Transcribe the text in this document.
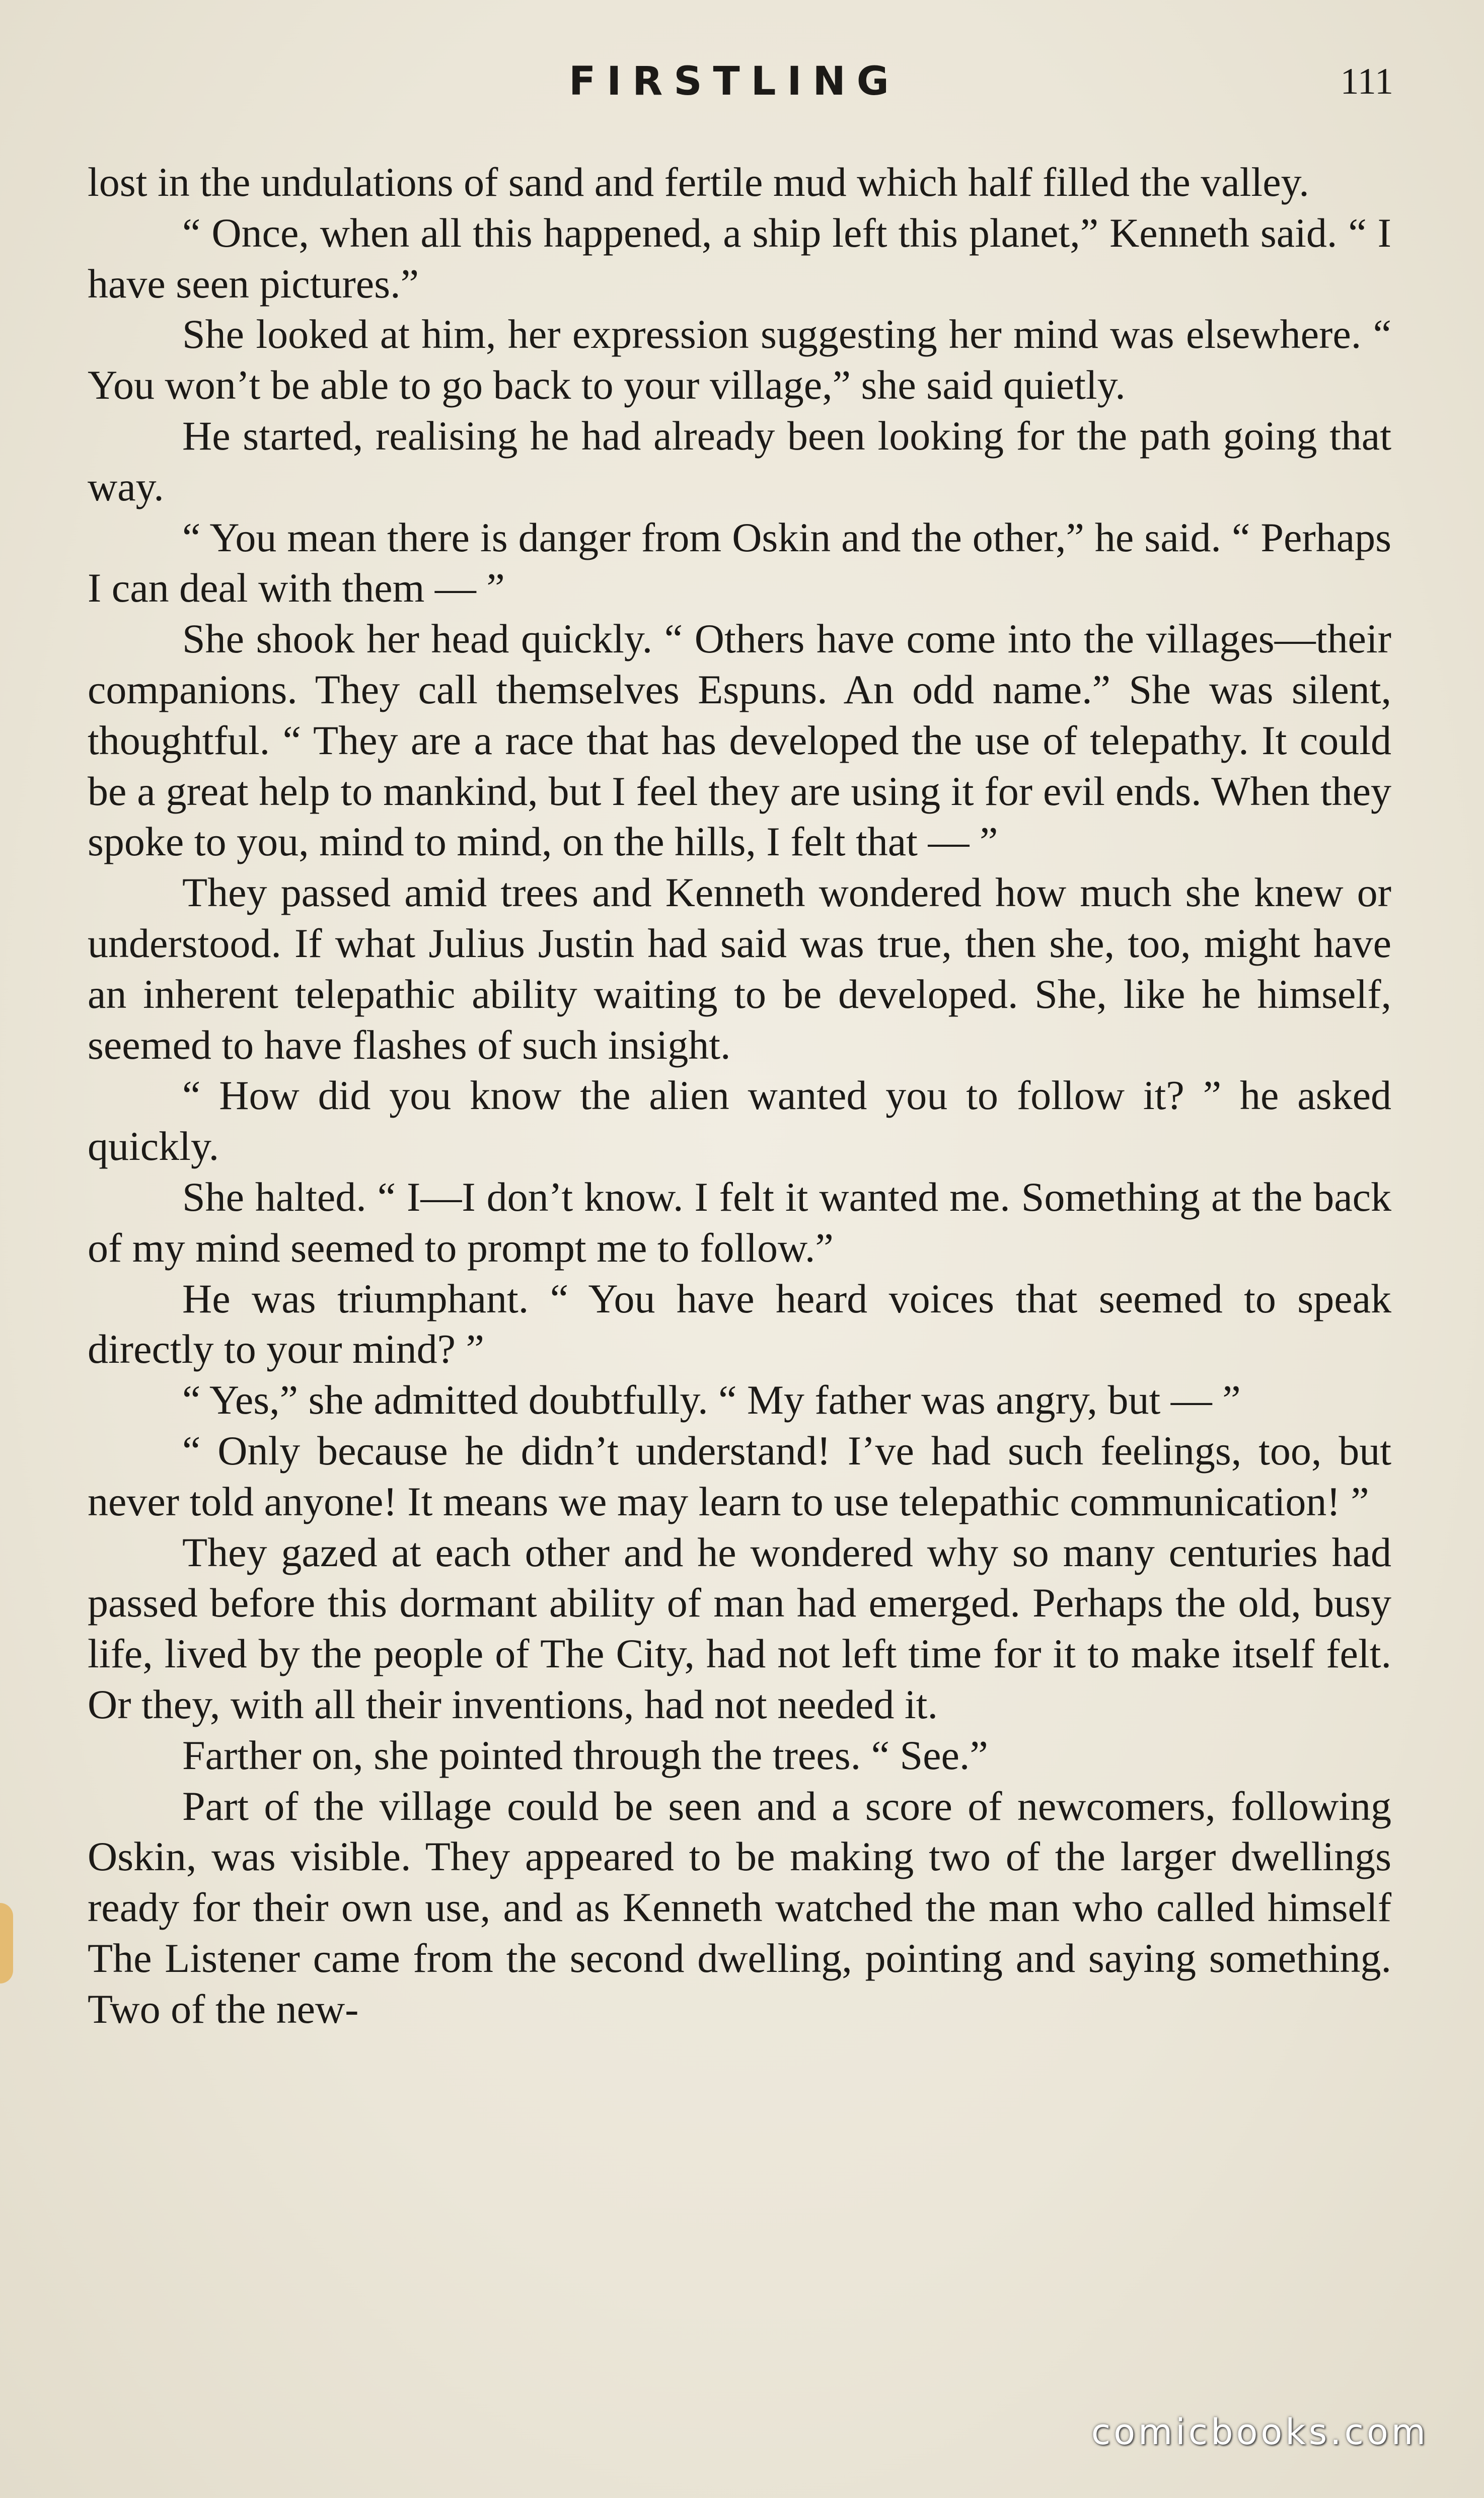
FIRSTLING	111

lost in the undulations of sand and fertile mud which half filled the valley.

“ Once, when all this happened, a ship left this planet,” Kenneth said. “ I have seen pictures.”

She looked at him, her expression suggesting her mind was elsewhere. “ You won’t be able to go back to your village,” she said quietly.

He started, realising he had already been looking for the path going that way.

“ You mean there is danger from Oskin and the other,” he said. “ Perhaps I can deal with them — ”

She shook her head quickly. “ Others have come into the villages—their companions. They call themselves Espuns. An odd name.” She was silent, thoughtful. “ They are a race that has developed the use of telepathy. It could be a great help to mankind, but I feel they are using it for evil ends. When they spoke to you, mind to mind, on the hills, I felt that — ”

They passed amid trees and Kenneth wondered how much she knew or understood. If what Julius Justin had said was true, then she, too, might have an inherent telepathic ability waiting to be developed. She, like he himself, seemed to have flashes of such insight.

“ How did you know the alien wanted you to follow it? ” he asked quickly.

She halted. “ I—I don’t know. I felt it wanted me. Something at the back of my mind seemed to prompt me to follow.”

He was triumphant. “ You have heard voices that seemed to speak directly to your mind? ”

“ Yes,” she admitted doubtfully. “ My father was angry, but — ”

“ Only because he didn’t understand! I’ve had such feelings, too, but never told anyone! It means we may learn to use telepathic communication! ”

They gazed at each other and he wondered why so many centuries had passed before this dormant ability of man had emerged. Perhaps the old, busy life, lived by the people of The City, had not left time for it to make itself felt. Or they, with all their inventions, had not needed it.

Farther on, she pointed through the trees. “ See.”

Part of the village could be seen and a score of newcomers, following Oskin, was visible. They appeared to be making two of the larger dwellings ready for their own use, and as Kenneth watched the man who called himself The Listener came from the second dwelling, pointing and saying something. Two of the new-

comicbooks.com
